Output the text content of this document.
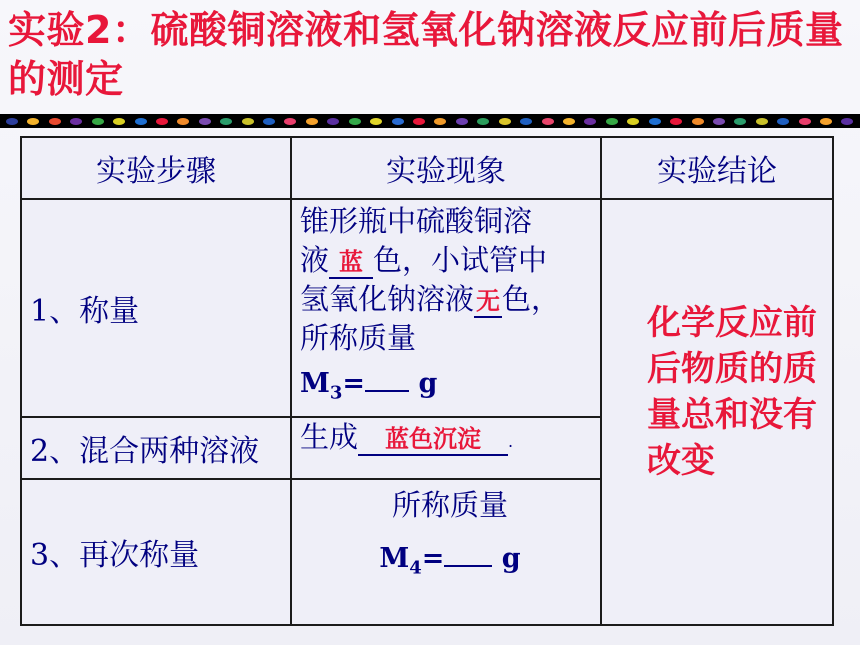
实验2：硫酸铜溶液和氢氧化钠溶液反应前后质量的测定
实验步骤	实验现象	实验结论
1、称量	锥形瓶中硫酸铜溶
液 蓝 色，小试管中
氢氧化钠溶液无色，
所称质量
$M_3= g$	化学反应前后物质的质量总和没有改变
2、混合两种溶液	生成 蓝色沉淀 .	
3、再次称量	所称质量
$M_4= g$	
